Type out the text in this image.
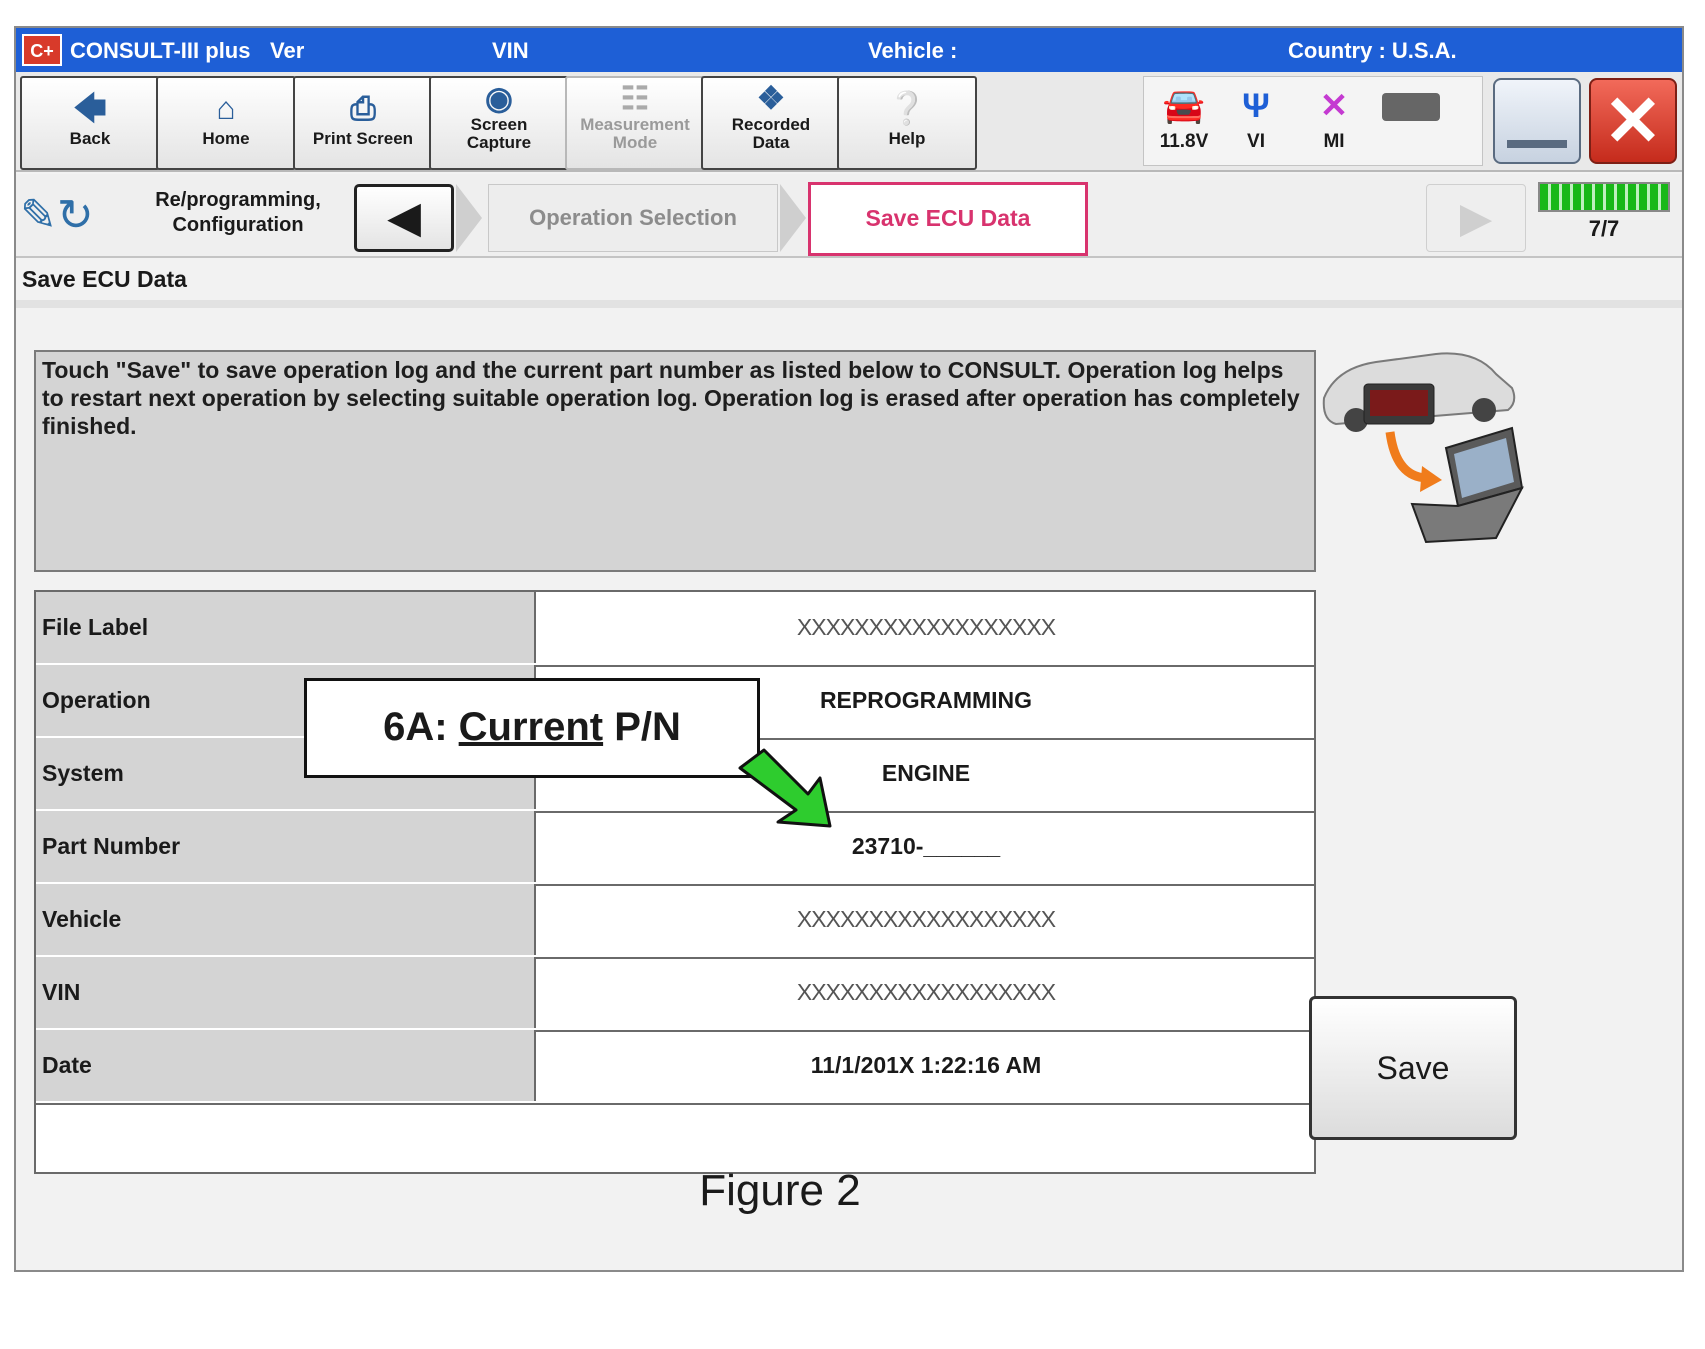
C+ CONSULT-III plus Ver	VIN	Vehicle :	Country : U.S.A.
🡄
Back
⌂
Home
⎙
Print Screen
◉
Screen
Capture
☷
Measurement
Mode
❖
Recorded
Data
❔
Help
🚘
11.8V
Ψ
VI
✕
MI	✕
✎↻	Re/programming,
Configuration	◀	Operation Selection	Save ECU Data	▶	7/7
Save ECU Data
Touch "Save" to save operation log and the current part number as listed below to CONSULT. Operation log helps to restart next operation by selecting suitable operation log. Operation log is erased after operation has completely finished.
File Label	XXXXXXXXXXXXXXXXXX
Operation	REPROGRAMMING
System	ENGINE
Part Number	23710-______
Vehicle	XXXXXXXXXXXXXXXXXX
VIN	XXXXXXXXXXXXXXXXXX
Date	11/1/201X 1:22:16 AM	Save
6A: Current P/N
Figure 2
